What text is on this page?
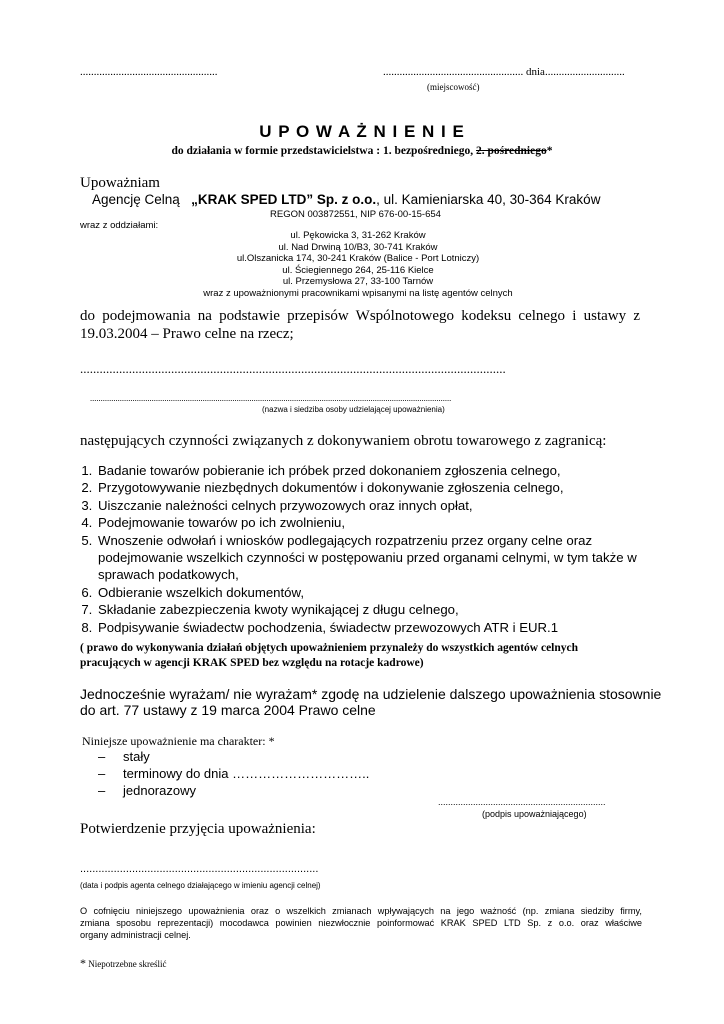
..................................................	................................................... dnia.............................
(miejscowość)
U P O W A Ż N I E N I E
do działania w formie przedstawicielstwa : 1. bezpośredniego, 2. pośredniego*
Upoważniam
Agencję Celną „KRAK SPED LTD” Sp. z o.o., ul. Kamieniarska 40, 30-364 Kraków
REGON 003872551, NIP 676-00-15-654
wraz z oddziałami:
ul. Pękowicka 3, 31-262 Kraków
ul. Nad Drwiną 10/B3, 30-741 Kraków
ul.Olszanicka 174, 30-241 Kraków (Balice - Port Lotniczy)
ul. Ściegiennego 264, 25-116 Kielce
ul. Przemysłowa 27, 33-100 Tarnów
wraz z upoważnionymi pracownikami wpisanymi na listę agentów celnych
do podejmowania na podstawie przepisów Wspólnotowego kodeksu celnego i ustawy z
19.03.2004 – Prawo celne na rzecz;
...................................................................................................................................
..........................................................................................................................................................................
(nazwa i siedziba osoby udzielającej upoważnienia)
następujących czynności związanych z dokonywaniem obrotu towarowego z zagranicą:
1. Badanie towarów pobieranie ich próbek przed dokonaniem zgłoszenia celnego,
2. Przygotowywanie niezbędnych dokumentów i dokonywanie zgłoszenia celnego,
3. Uiszczanie należności celnych przywozowych oraz innych opłat,
4. Podejmowanie towarów po ich zwolnieniu,
5. Wnoszenie odwołań i wniosków podlegających rozpatrzeniu przez organy celne oraz podejmowanie wszelkich czynności w postępowaniu przed organami celnymi, w tym także w sprawach podatkowych,
6. Odbieranie wszelkich dokumentów,
7. Składanie zabezpieczenia kwoty wynikającej z długu celnego,
8. Podpisywanie świadectw pochodzenia, świadectw przewozowych ATR i EUR.1
( prawo do wykonywania działań objętych upoważnieniem przynależy do wszystkich agentów celnych
pracujących w agencji KRAK SPED bez względu na rotacje kadrowe)
Jednocześnie wyrażam/ nie wyrażam* zgodę na udzielenie dalszego upoważnienia stosownie
do art. 77 ustawy z 19 marca 2004 Prawo celne
Niniejsze upoważnienie ma charakter: *
– stały
– terminowy do dnia …………………………..
– jednorazowy
...................................................................
(podpis upoważniającego)
Potwierdzenie przyjęcia upoważnienia:
..............................................................................
(data i podpis agenta celnego działającego w imieniu agencji celnej)
O cofnięciu niniejszego upoważnienia oraz o wszelkich zmianach wpływających na jego ważność (np. zmiana siedziby firmy,
zmiana sposobu reprezentacji) mocodawca powinien niezwłocznie poinformować KRAK SPED LTD Sp. z o.o. oraz właściwe
organy administracji celnej.
* Niepotrzebne skreślić
